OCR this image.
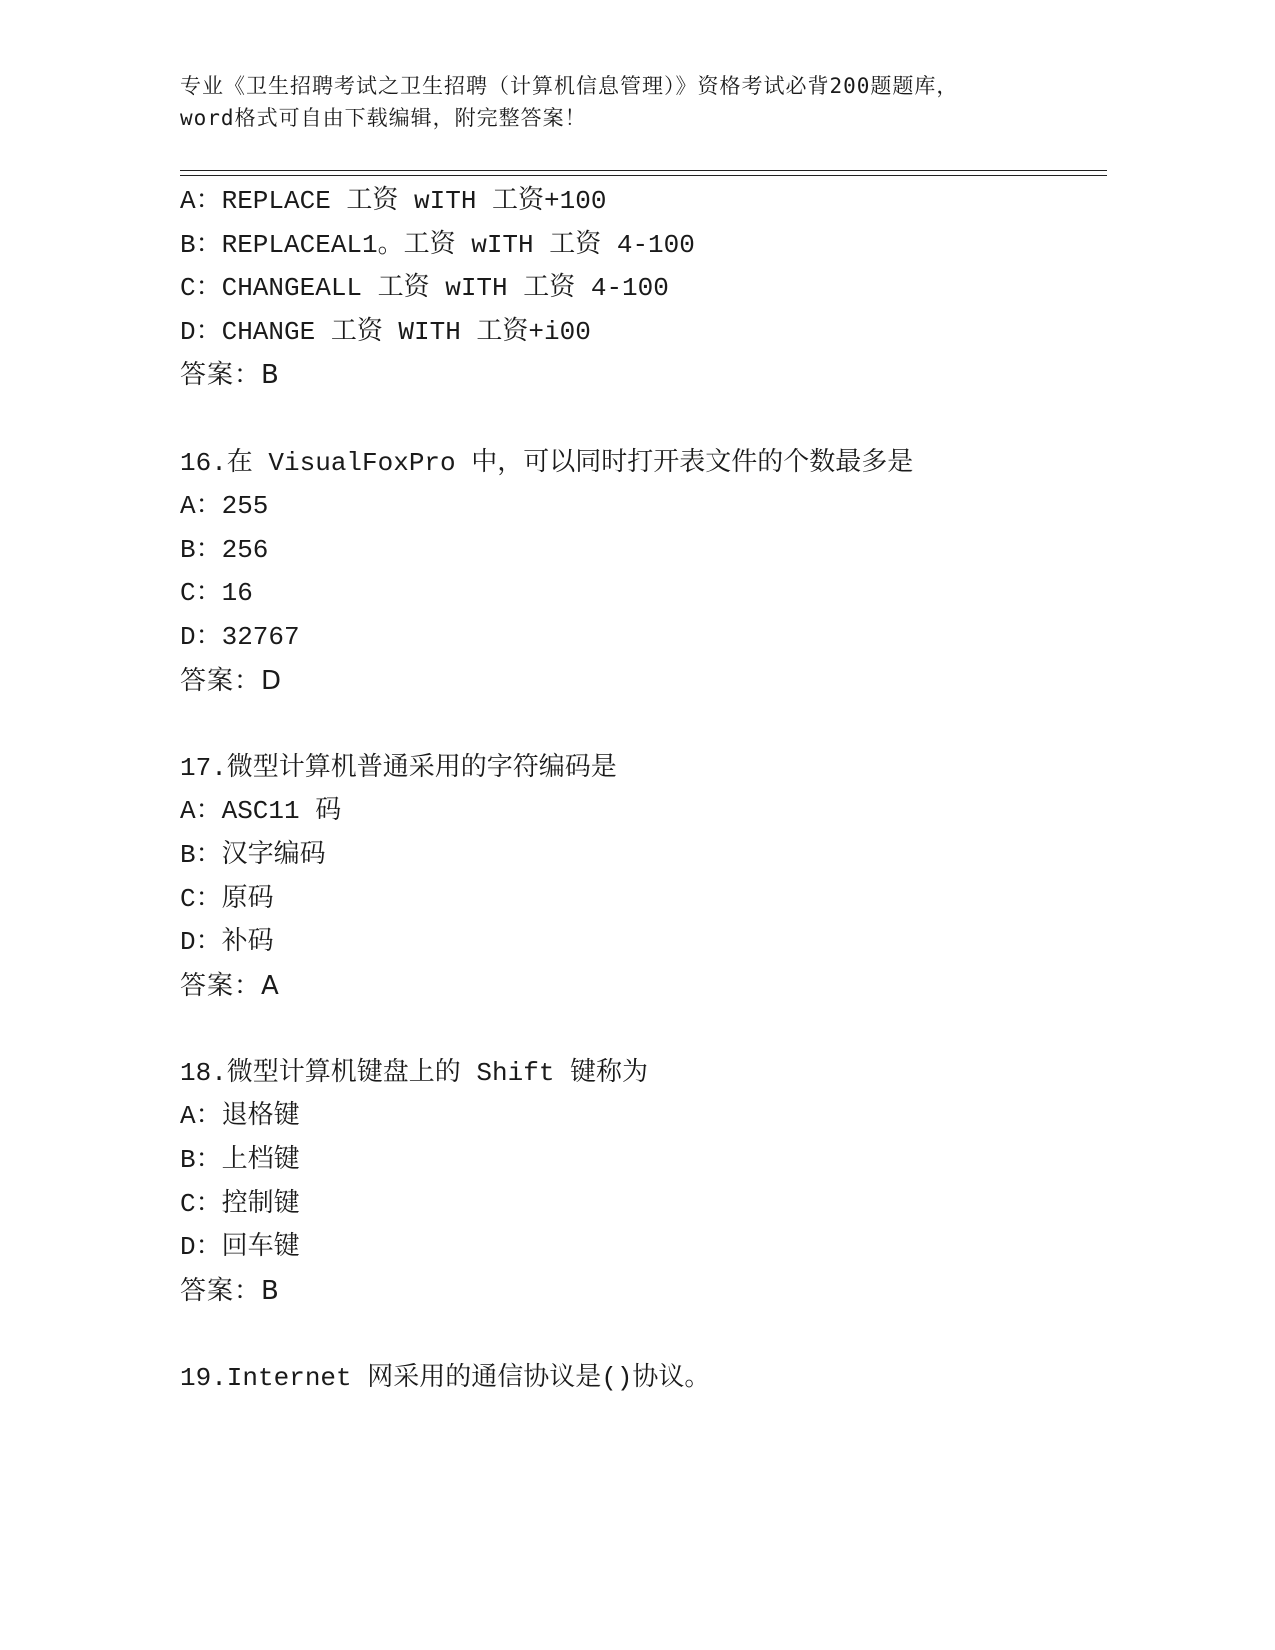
专业《卫生招聘考试之卫生招聘（计算机信息管理）》资格考试必背200题题库，
word格式可自由下载编辑，附完整答案！
A：REPLACE 工资 wITH 工资+100
B：REPLACEAL1。工资 wITH 工资 4-100
C：CHANGEALL 工资 wITH 工资 4-100
D：CHANGE 工资 WITH 工资+i00
答案：B
16.在 VisualFoxPro 中，可以同时打开表文件的个数最多是
A：255
B：256
C：16
D：32767
答案：D
17.微型计算机普通采用的字符编码是
A：ASC11 码
B：汉字编码
C：原码
D：补码
答案：A
18.微型计算机键盘上的 Shift 键称为
A：退格键
B：上档键
C：控制键
D：回车键
答案：B
19.Internet 网采用的通信协议是()协议。
